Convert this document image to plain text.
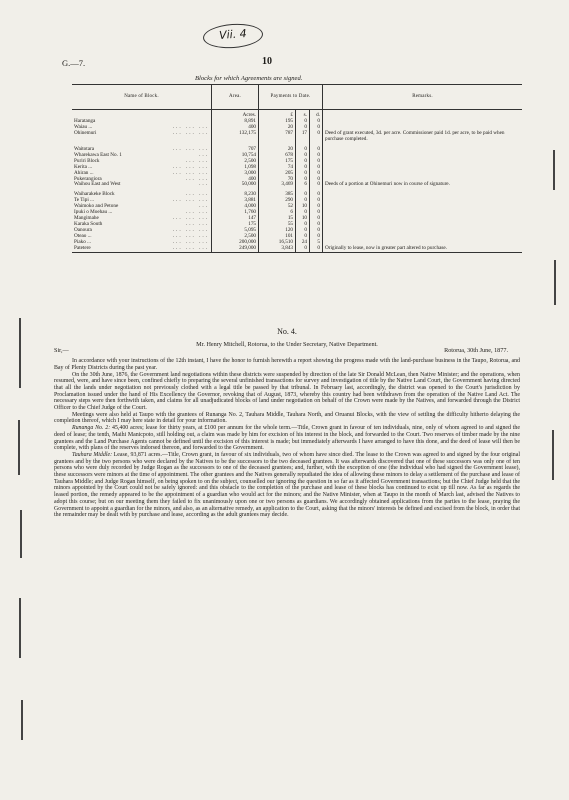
Vii. 4
G.—7.	10
Blocks for which Agreements are signed.
Name of Block.	Area.	Payments to Date.			Remarks.
	Acres.	£	s.	d.	
Haratanga	8,891	195	0	0	
Waiau ... ... ... ...	400	20	0	0	
Ohinemuri ... ... ...	132,175	787	17	0	Deed of grant executed, 3d. per acre. Commissioner paid 1d. per acre, to be paid when purchase completed.
Waitotara ... ... ...	707	20	0	0	
Wharekawa East No. 1 ...	10,754	678	0	0	
Puriri Block ... ...	2,500	175	0	0	
Kerita ... ... ... ...	1,098	74	0	0	
Ahiran ... ... ... ...	3,000	205	0	0	
Pukerangiora ... ...	400	70	0	0	
Waihou East and West ...	50,000	3,469	6	0	Deeds of a portion at Ohinemuri now in course of signature.
Waiharakeke Block ... ...	8,230	385	0	0	
Te Tipi ... ... ... ...	3,881	290	0	0	
Waimoko and Petone ...	4,000	52	10	0	
Ipuki o Moehau ... ... ...	1,760	6	0	0	
Mangimahe ... ... ...	147	15	10	0	
Karaka South ... ...	175	55	0	0	
Oanoura ... ... ...	5,095	120	0	0	
Oteao ... ... ... ...	2,500	101	0	0	
Piako ... ... ... ...	200,000	16,510	24	5	
Patetere ... ... ...	249,000	3,843	0	0	Originally to lease, now in greater part altered to purchase.

No. 4.

Mr. Henry Mitchell, Rotorua, to the Under Secretary, Native Department.

Sir,—	Rotorua, 30th June, 1877.

In accordance with your instructions of the 12th instant, I have the honor to furnish herewith a report showing the progress made with the land-purchase business in the Taupo, Rotorua, and Bay of Plenty Districts during the past year.

On the 30th June, 1876, the Government land negotiations within these districts were suspended by direction of the late Sir Donald McLean, then Native Minister; and the operations, when resumed, were, and have since been, confined chiefly to preparing the several unfinished transactions for survey and investigation of title by the Native Land Court, the Government having directed that all the lands under negotiation not previously clothed with a legal title be passed by that tribunal. In February last, accordingly, the district was opened to the Court's jurisdiction by Proclamation issued under the hand of His Excellency the Governor, revoking that of August, 1873, whereby this country had been withdrawn from the operation of the Native Land Act. The necessary steps were then forthwith taken, and claims for all unadjudicated blocks of land under negotiation on behalf of the Crown were made by the Natives, and forwarded through the District Officer to the Chief Judge of the Court.

Meetings were also held at Taupo with the grantees of Runanga No. 2, Tauhara Middle, Tauhara North, and Oruanui Blocks, with the view of settling the difficulty hitherto delaying the completion thereof, which I may here state in detail for your information.

Runanga No. 2: 45,400 acres; lease for thirty years, at £100 per annum for the whole term.—Title, Crown grant in favour of ten individuals, nine, only of whom agreed to and signed the deed of lease; the tenth, Maihi Manicpoto, still holding out, a claim was made by him for excision of his interest in the block, and forwarded to the Court. Two reserves of timber made by the nine grantees and the Land Purchase Agents cannot be defined until the excision of this interest is made; but immediately afterwards I have arranged to have this done, and the deed of lease will then be complete, with plans of the reserves indorsed thereon, and forwarded to the Government.

Tauhara Middle: Lease, 93,871 acres.—Title, Crown grant, in favour of six individuals, two of whom have since died. The lease to the Crown was agreed to and signed by the four original grantees and by the two persons who were declared by the Natives to be the successors to the two deceased grantees. It was afterwards discovered that one of these successors was only one of ten persons who were duly recorded by Judge Rogan as the successors to one of the deceased grantees; and, further, with the exception of one (the individual who had signed the Government lease), these successors were minors at the time of appointment. The other grantees and the Natives generally repudiated the idea of allowing these minors to delay a settlement of the purchase and lease of Tauhara Middle; and Judge Rogan himself, on being spoken to on the subject, counselled our ignoring the question in so far as it affected Government transactions; but the Chief Judge held that the minors appointed by the Court could not be safely ignored: and this obstacle to the completion of the purchase and lease of these blocks has continued to exist up till now. As far as regards the leased portion, the remedy appeared to be the appointment of a guardian who would act for the minors; and the Native Minister, when at Taupo in the month of March last, advised the Natives to adopt this course; but on our meeting them they failed to fix unanimously upon one or two persons as guardians. We accordingly obtained applications from the parties to the lease, praying the Government to appoint a guardian for the minors, and also, as an alternative remedy, an application to the Court, asking that the minors' interests be defined and excised from the block, in order that the remainder may be dealt with by purchase and lease, according as the adult grantees may decide.
